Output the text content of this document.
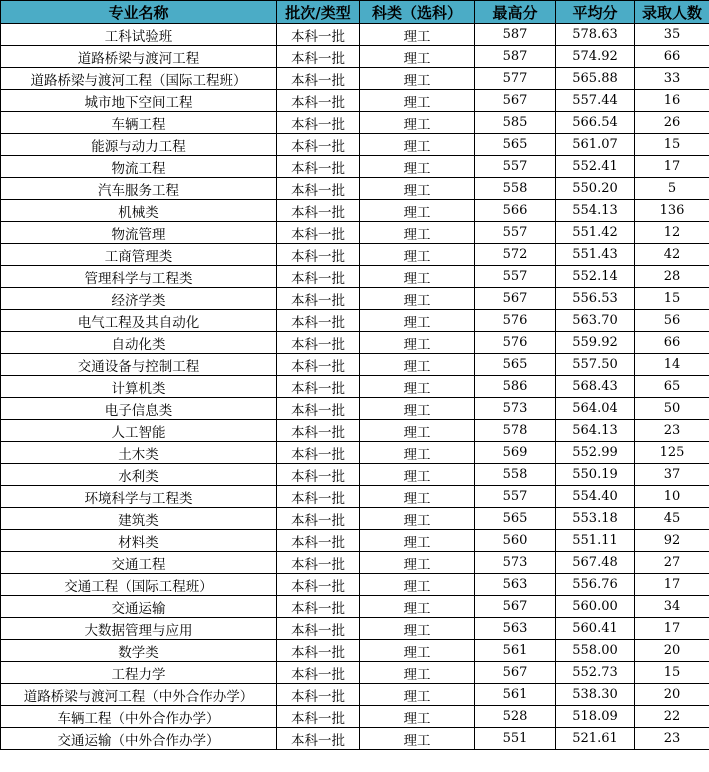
专业名称	批次/类型	科类（选科）	最高分	平均分	录取人数
工科试验班	本科一批	理工	587	578.63	35
道路桥梁与渡河工程	本科一批	理工	587	574.92	66
道路桥梁与渡河工程（国际工程班）	本科一批	理工	577	565.88	33
城市地下空间工程	本科一批	理工	567	557.44	16
车辆工程	本科一批	理工	585	566.54	26
能源与动力工程	本科一批	理工	565	561.07	15
物流工程	本科一批	理工	557	552.41	17
汽车服务工程	本科一批	理工	558	550.20	5
机械类	本科一批	理工	566	554.13	136
物流管理	本科一批	理工	557	551.42	12
工商管理类	本科一批	理工	572	551.43	42
管理科学与工程类	本科一批	理工	557	552.14	28
经济学类	本科一批	理工	567	556.53	15
电气工程及其自动化	本科一批	理工	576	563.70	56
自动化类	本科一批	理工	576	559.92	66
交通设备与控制工程	本科一批	理工	565	557.50	14
计算机类	本科一批	理工	586	568.43	65
电子信息类	本科一批	理工	573	564.04	50
人工智能	本科一批	理工	578	564.13	23
土木类	本科一批	理工	569	552.99	125
水利类	本科一批	理工	558	550.19	37
环境科学与工程类	本科一批	理工	557	554.40	10
建筑类	本科一批	理工	565	553.18	45
材料类	本科一批	理工	560	551.11	92
交通工程	本科一批	理工	573	567.48	27
交通工程（国际工程班）	本科一批	理工	563	556.76	17
交通运输	本科一批	理工	567	560.00	34
大数据管理与应用	本科一批	理工	563	560.41	17
数学类	本科一批	理工	561	558.00	20
工程力学	本科一批	理工	567	552.73	15
道路桥梁与渡河工程（中外合作办学）	本科一批	理工	561	538.30	20
车辆工程（中外合作办学）	本科一批	理工	528	518.09	22
交通运输（中外合作办学）	本科一批	理工	551	521.61	23
